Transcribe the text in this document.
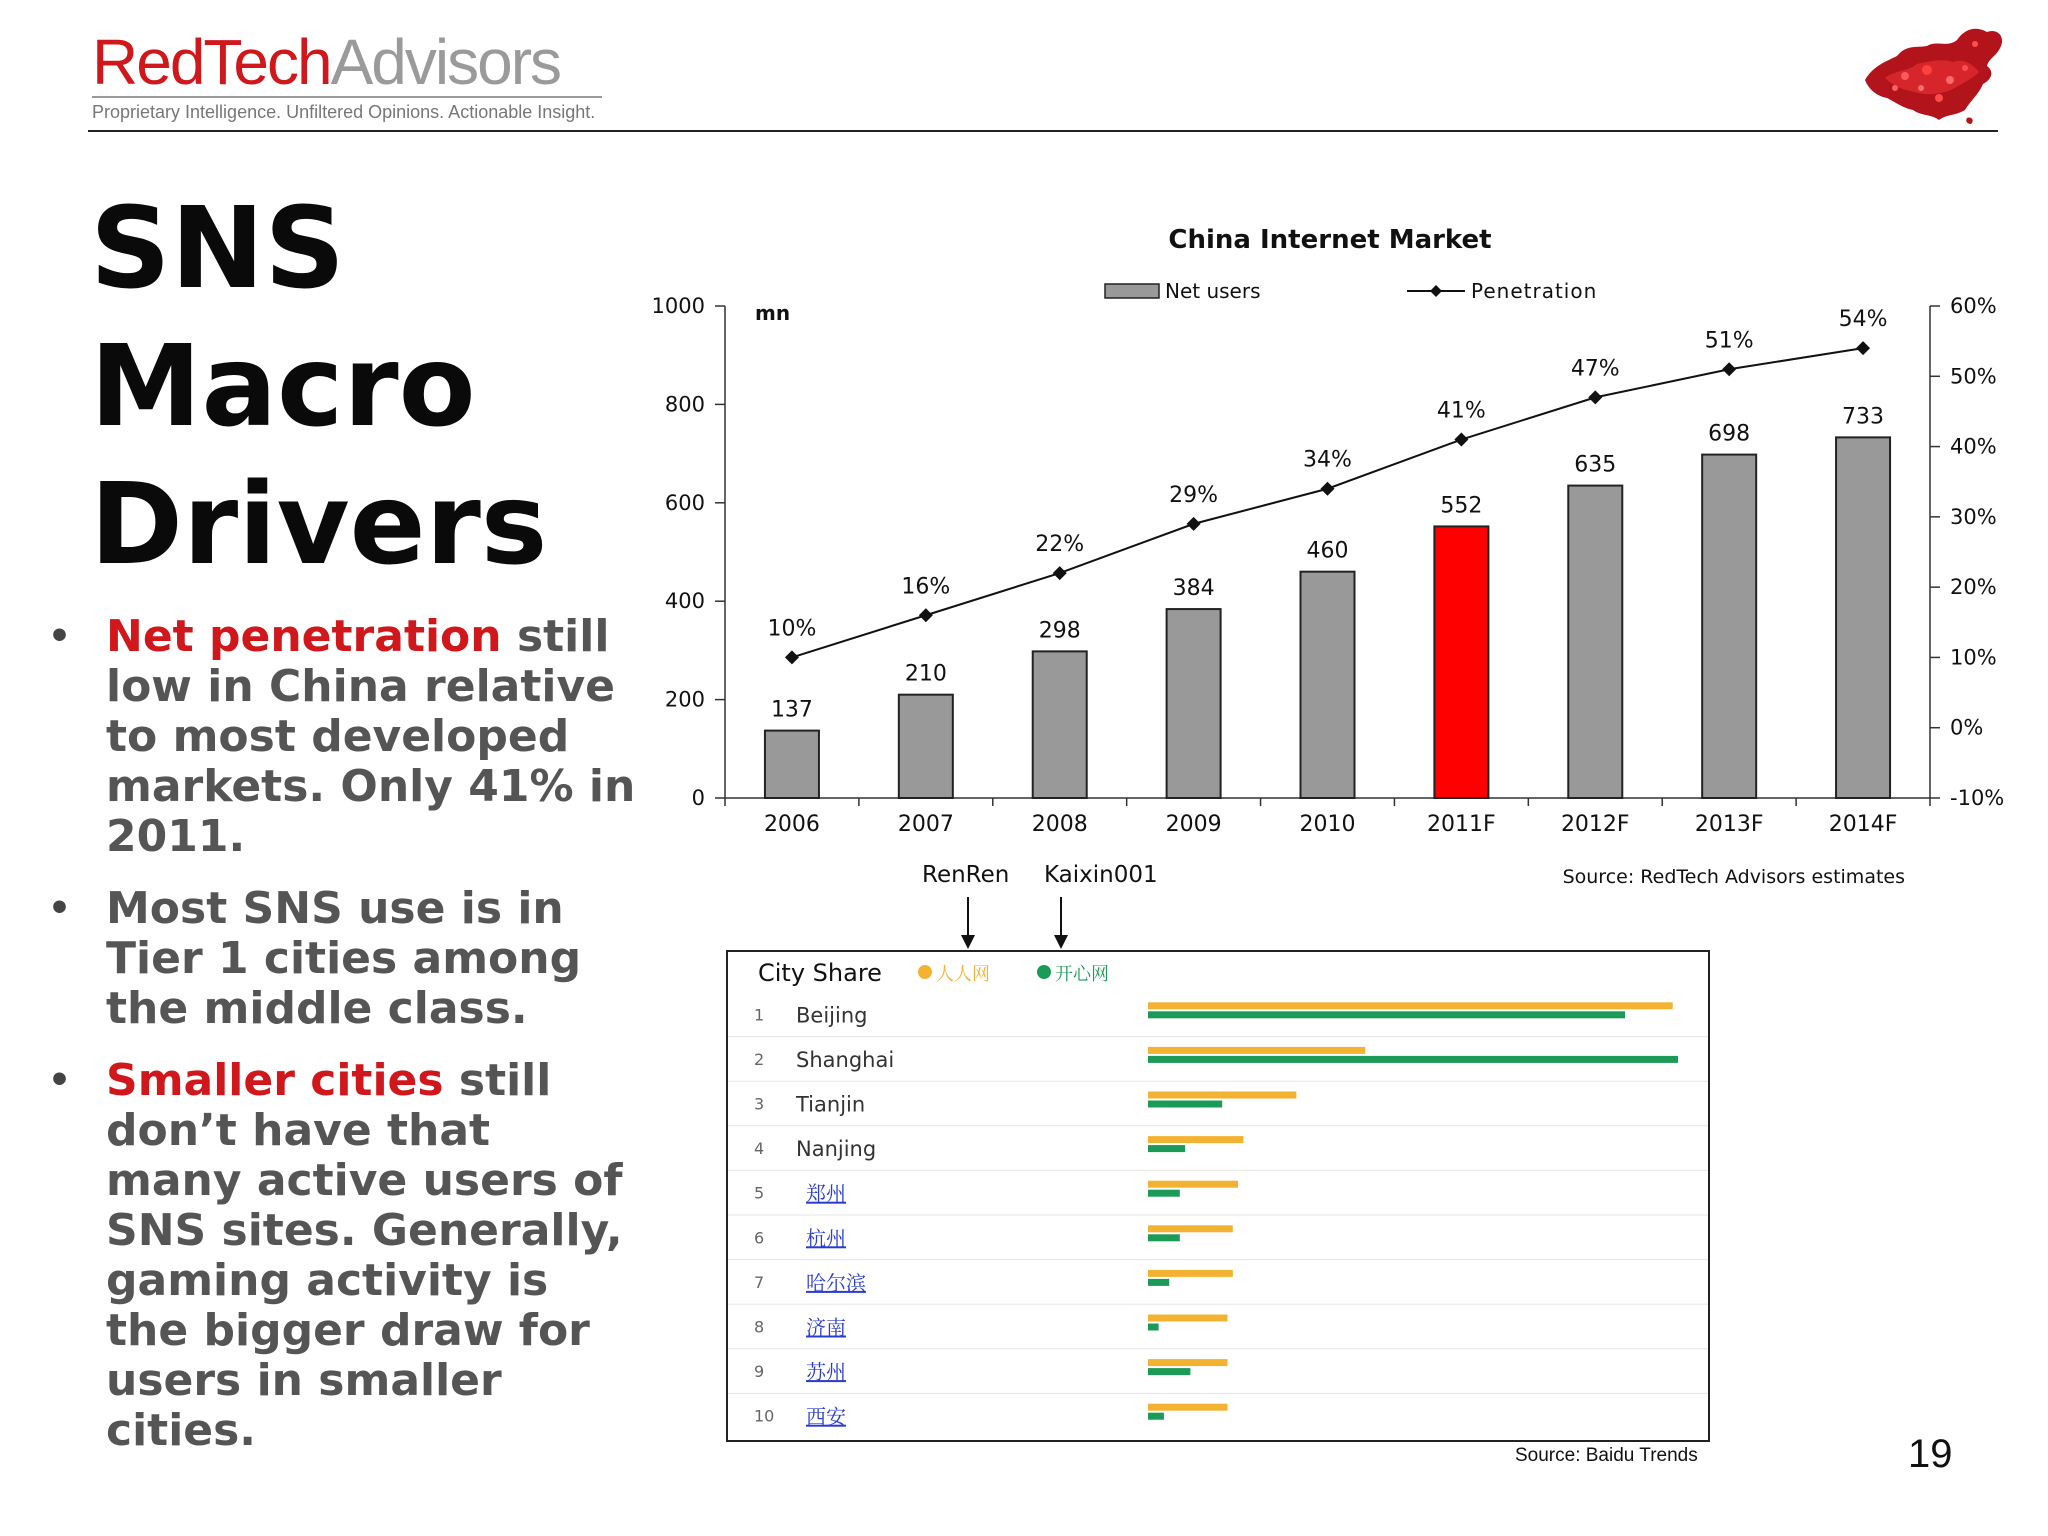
RedTechAdvisors
Proprietary Intelligence. Unfiltered Opinions. Actionable Insight.
SNS
Macro
Drivers
• Net penetration still low in China relative to most developed markets. Only 41% in 2011.
• Most SNS use is in Tier 1 cities among the middle class.
• Smaller cities still don’t have that many active users of SNS sites. Generally, gaming activity is the bigger draw for users in smaller cities.
China Internet Market
mn
Net users	Penetration
0
200
400
600
800
1000
-10%
0%
10%
20%
30%
40%
50%
60%
137
2006
210
2007
298
2008
384
2009
460
2010
552
2011F
635
2012F
698
2013F
733
2014F
10%
16%
22%
29%
34%
41%
47%
51%
54%
Source: RedTech Advisors estimates
RenRen Kaixin001
City Share	人人网	开心网
1 Beijing
2 Shanghai
3 Tianjin
4 Nanjing
5 郑州
6 杭州
7 哈尔滨
8 济南
9 苏州
10 西安
Source: Baidu Trends	19
